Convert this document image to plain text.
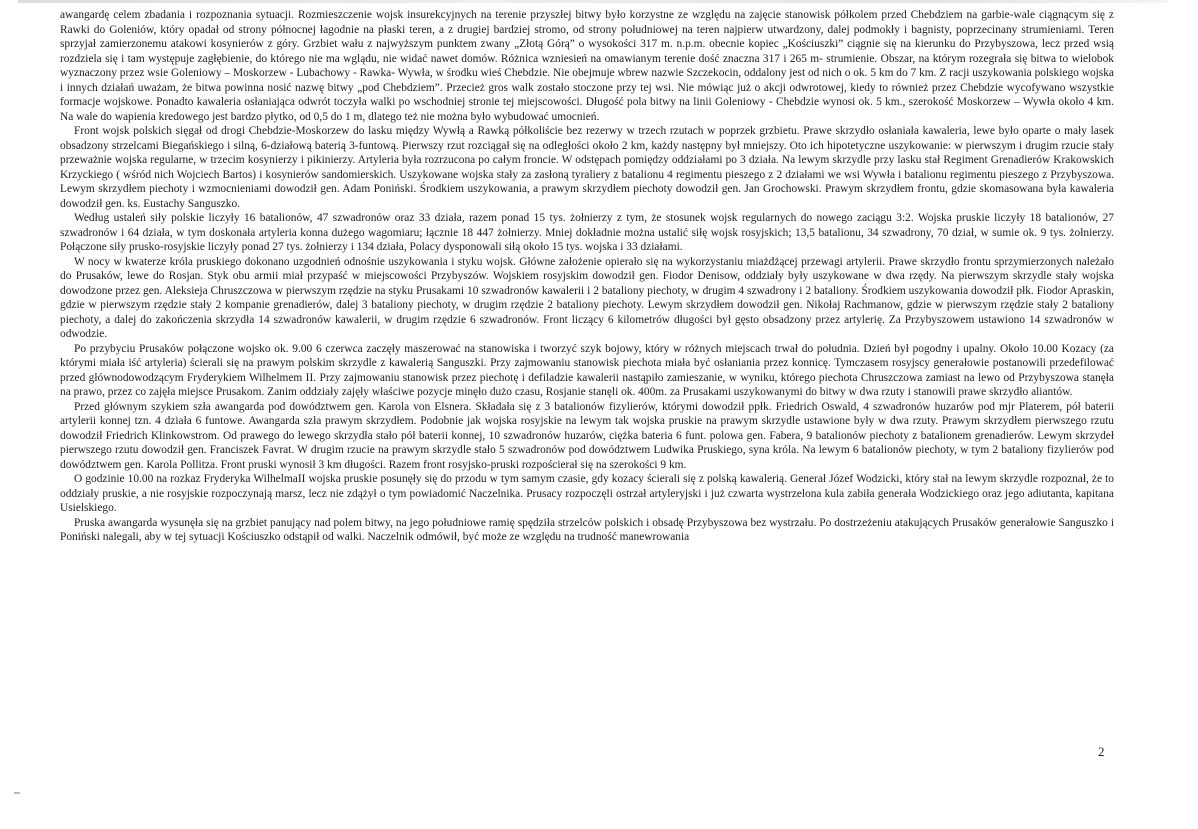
awangardę celem zbadania i rozpoznania sytuacji. Rozmieszczenie wojsk insurekcyjnych na terenie przyszłej bitwy było korzystne ze względu na zajęcie stanowisk półkolem przed Chebdziem na garbie-wale ciągnącym się z Rawki do Goleniów, który opadał od strony północnej łagodnie na płaski teren, a z drugiej bardziej stromo, od strony południowej na teren najpierw utwardzony, dalej podmokły i bagnisty, poprzecinany strumieniami. Teren sprzyjał zamierzonemu atakowi kosynierów z góry. Grzbiet wału z najwyższym punktem zwany „Złotą Górą” o wysokości 317 m. n.p.m. obecnie kopiec „Kościuszki” ciągnie się na kierunku do Przybyszowa, lecz przed wsią rozdziela się i tam występuje zagłębienie, do którego nie ma wglądu, nie widać nawet domów. Różnica wzniesień na omawianym terenie dość znaczna 317 i 265 m- strumienie. Obszar, na którym rozegrała się bitwa to wielobok wyznaczony przez wsie Goleniowy – Moskorzew - Lubachowy - Rawka- Wywła, w środku wieś Chebdzie. Nie obejmuje wbrew nazwie Szczekocin, oddalony jest od nich o ok. 5 km do 7 km. Z racji uszykowania polskiego wojska i innych działań uważam, że bitwa powinna nosić nazwę bitwy „pod Chebdziem”. Przecież gros walk zostało stoczone przy tej wsi. Nie mówiąc już o akcji odwrotowej, kiedy to również przez Chebdzie wycofywano wszystkie formacje wojskowe. Ponadto kawaleria osłaniająca odwrót toczyła walki po wschodniej stronie tej miejscowości. Długość pola bitwy na linii Goleniowy - Chebdzie wynosi ok. 5 km., szerokość Moskorzew – Wywła około 4 km. Na wale do wapienia kredowego jest bardzo płytko, od 0,5 do 1 m, dlatego też nie można było wybudować umocnień.

Front wojsk polskich sięgał od drogi Chebdzie-Moskorzew do lasku między Wywłą a Rawką półkoliście bez rezerwy w trzech rzutach w poprzek grzbietu. Prawe skrzydło osłaniała kawaleria, lewe było oparte o mały lasek obsadzony strzelcami Biegańskiego i silną, 6-działową baterią 3-funtową. Pierwszy rzut rozciągał się na odległości około 2 km, każdy następny był mniejszy. Oto ich hipotetyczne uszykowanie: w pierwszym i drugim rzucie stały przeważnie wojska regularne, w trzecim kosynierzy i pikinierzy. Artyleria była rozrzucona po całym froncie. W odstępach pomiędzy oddziałami po 3 działa. Na lewym skrzydle przy lasku stał Regiment Grenadierów Krakowskich Krzyckiego ( wśród nich Wojciech Bartos) i kosynierów sandomierskich. Uszykowane wojska stały za zasłoną tyraliery z batalionu 4 regimentu pieszego z 2 działami we wsi Wywła i batalionu regimentu pieszego z Przybyszowa. Lewym skrzydłem piechoty i wzmocnieniami dowodził gen. Adam Poniński. Środkiem uszykowania, a prawym skrzydłem piechoty dowodził gen. Jan Grochowski. Prawym skrzydłem frontu, gdzie skomasowana była kawaleria dowodził gen. ks. Eustachy Sanguszko.

Według ustaleń siły polskie liczyły 16 batalionów, 47 szwadronów oraz 33 działa, razem ponad 15 tys. żołnierzy z tym, że stosunek wojsk regularnych do nowego zaciągu 3:2. Wojska pruskie liczyły 18 batalionów, 27 szwadronów i 64 działa, w tym doskonała artyleria konna dużego wagomiaru; łącznie 18 447 żołnierzy. Mniej dokładnie można ustalić siłę wojsk rosyjskich; 13,5 batalionu, 34 szwadrony, 70 dział, w sumie ok. 9 tys. żołnierzy. Połączone siły prusko-rosyjskie liczyły ponad 27 tys. żołnierzy i 134 działa, Polacy dysponowali siłą około 15 tys. wojska i 33 działami.

W nocy w kwaterze króla pruskiego dokonano uzgodnień odnośnie uszykowania i styku wojsk. Główne założenie opierało się na wykorzystaniu miażdżącej przewagi artylerii. Prawe skrzydło frontu sprzymierzonych należało do Prusaków, lewe do Rosjan. Styk obu armii miał przypaść w miejscowości Przybyszów. Wojskiem rosyjskim dowodził gen. Fiodor Denisow, oddziały były uszykowane w dwa rzędy. Na pierwszym skrzydle stały wojska dowodzone przez gen. Aleksieja Chruszczowa w pierwszym rzędzie na styku Prusakami 10 szwadronów kawalerii i 2 bataliony piechoty, w drugim 4 szwadrony i 2 bataliony. Środkiem uszykowania dowodził płk. Fiodor Apraskin, gdzie w pierwszym rzędzie stały 2 kompanie grenadierów, dalej 3 bataliony piechoty, w drugim rzędzie 2 bataliony piechoty. Lewym skrzydłem dowodził gen. Nikołaj Rachmanow, gdzie w pierwszym rzędzie stały 2 bataliony piechoty, a dalej do zakończenia skrzydła 14 szwadronów kawalerii, w drugim rzędzie 6 szwadronów. Front liczący 6 kilometrów długości był gęsto obsadzony przez artylerię. Za Przybyszowem ustawiono 14 szwadronów w odwodzie.

Po przybyciu Prusaków połączone wojsko ok. 9.00 6 czerwca zaczęły maszerować na stanowiska i tworzyć szyk bojowy, który w różnych miejscach trwał do południa. Dzień był pogodny i upalny. Około 10.00 Kozacy (za którymi miała iść artyleria) ścierali się na prawym polskim skrzydle z kawalerią Sanguszki. Przy zajmowaniu stanowisk piechota miała być osłaniania przez konnicę. Tymczasem rosyjscy generałowie postanowili przedefilować przed głównodowodzącym Fryderykiem Wilhelmem II. Przy zajmowaniu stanowisk przez piechotę i defiladzie kawalerii nastąpiło zamieszanie, w wyniku, którego piechota Chruszczowa zamiast na lewo od Przybyszowa stanęła na prawo, przez co zajęła miejsce Prusakom. Zanim oddziały zajęły właściwe pozycje minęło dużo czasu, Rosjanie stanęli ok. 400m. za Prusakami uszykowanymi do bitwy w dwa rzuty i stanowili prawe skrzydło aliantów.

Przed głównym szykiem szła awangarda pod dowództwem gen. Karola von Elsnera. Składała się z 3 batalionów fizylierów, którymi dowodził ppłk. Friedrich Oswald, 4 szwadronów huzarów pod mjr Platerem, pół baterii artylerii konnej tzn. 4 działa 6 funtowe. Awangarda szła prawym skrzydłem. Podobnie jak wojska rosyjskie na lewym tak wojska pruskie na prawym skrzydle ustawione były w dwa rzuty. Prawym skrzydłem pierwszego rzutu dowodził Friedrich Klinkowstrom. Od prawego do lewego skrzydła stało pół baterii konnej, 10 szwadronów huzarów, ciężka bateria 6 funt. polowa gen. Fabera, 9 batalionów piechoty z batalionem grenadierów. Lewym skrzydeł pierwszego rzutu dowodził gen. Franciszek Favrat. W drugim rzucie na prawym skrzydle stało 5 szwadronów pod dowództwem Ludwika Pruskiego, syna króla. Na lewym 6 batalionów piechoty, w tym 2 bataliony fizylierów pod dowództwem gen. Karola Pollitza. Front pruski wynosił 3 km długości. Razem front rosyjsko-pruski rozpościerał się na szerokości 9 km.

O godzinie 10.00 na rozkaz Fryderyka WilhelmaII wojska pruskie posunęły się do przodu w tym samym czasie, gdy kozacy ścierali się z polską kawalerią. Generał Józef Wodzicki, który stał na lewym skrzydle rozpoznał, że to oddziały pruskie, a nie rosyjskie rozpoczynają marsz, lecz nie zdążył o tym powiadomić Naczelnika. Prusacy rozpoczęli ostrzał artyleryjski i już czwarta wystrzelona kula zabiła generała Wodzickiego oraz jego adiutanta, kapitana Usielskiego.

Pruska awangarda wysunęła się na grzbiet panujący nad polem bitwy, na jego południowe ramię spędziła strzelców polskich i obsadę Przybyszowa bez wystrzału. Po dostrzeżeniu atakujących Prusaków generałowie Sanguszko i Poniński nalegali, aby w tej sytuacji Kościuszko odstąpił od walki. Naczelnik odmówił, być może ze względu na trudność manewrowania

2
